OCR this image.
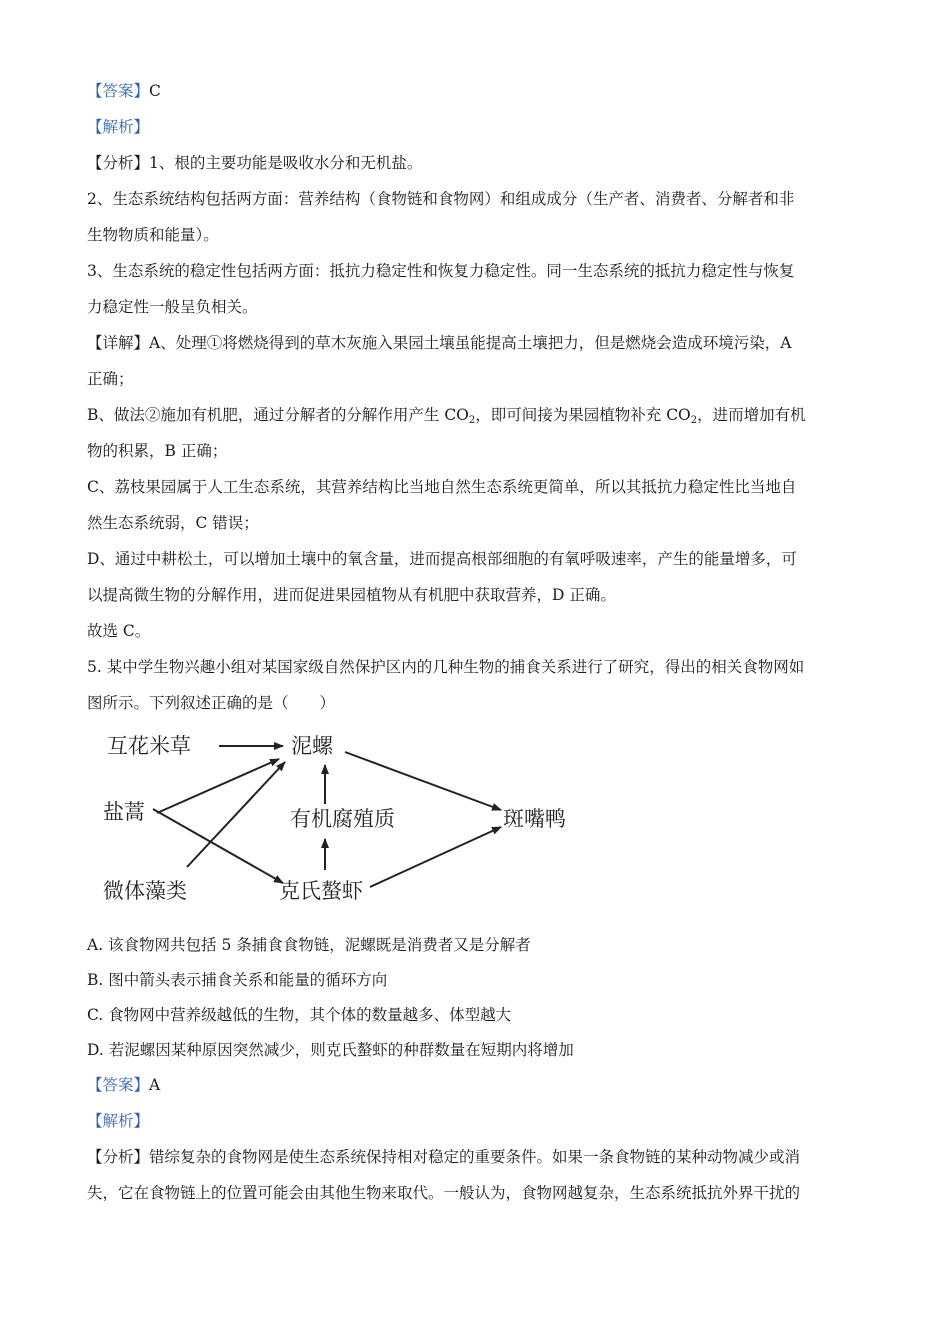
【答案】C
【解析】
【分析】1、根的主要功能是吸收水分和无机盐。
2、生态系统结构包括两方面：营养结构（食物链和食物网）和组成成分（生产者、消费者、分解者和非
生物物质和能量）。
3、生态系统的稳定性包括两方面：抵抗力稳定性和恢复力稳定性。同一生态系统的抵抗力稳定性与恢复
力稳定性一般呈负相关。
【详解】A、处理①将燃烧得到的草木灰施入果园土壤虽能提高土壤把力，但是燃烧会造成环境污染，A
正确；
B、做法②施加有机肥，通过分解者的分解作用产生 $CO_2$，即可间接为果园植物补充 $CO_2$，进而增加有机
物的积累，B 正确；
C、荔枝果园属于人工生态系统，其营养结构比当地自然生态系统更简单，所以其抵抗力稳定性比当地自
然生态系统弱，C 错误；
D、通过中耕松土，可以增加土壤中的氧含量，进而提高根部细胞的有氧呼吸速率，产生的能量增多，可
以提高微生物的分解作用，进而促进果园植物从有机肥中获取营养，D 正确。
故选 C。
5. 某中学生物兴趣小组对某国家级自然保护区内的几种生物的捕食关系进行了研究，得出的相关食物网如
图所示。下列叙述正确的是（　　）
互花米草	泥螺
盐蒿	有机腐殖质	斑嘴鸭
微体藻类	克氏螯虾
A. 该食物网共包括 5 条捕食食物链，泥螺既是消费者又是分解者
B. 图中箭头表示捕食关系和能量的循环方向
C. 食物网中营养级越低的生物，其个体的数量越多、体型越大
D. 若泥螺因某种原因突然减少，则克氏螯虾的种群数量在短期内将增加
【答案】A
【解析】
【分析】错综复杂的食物网是使生态系统保持相对稳定的重要条件。如果一条食物链的某种动物减少或消
失，它在食物链上的位置可能会由其他生物来取代。一般认为，食物网越复杂，生态系统抵抗外界干扰的
